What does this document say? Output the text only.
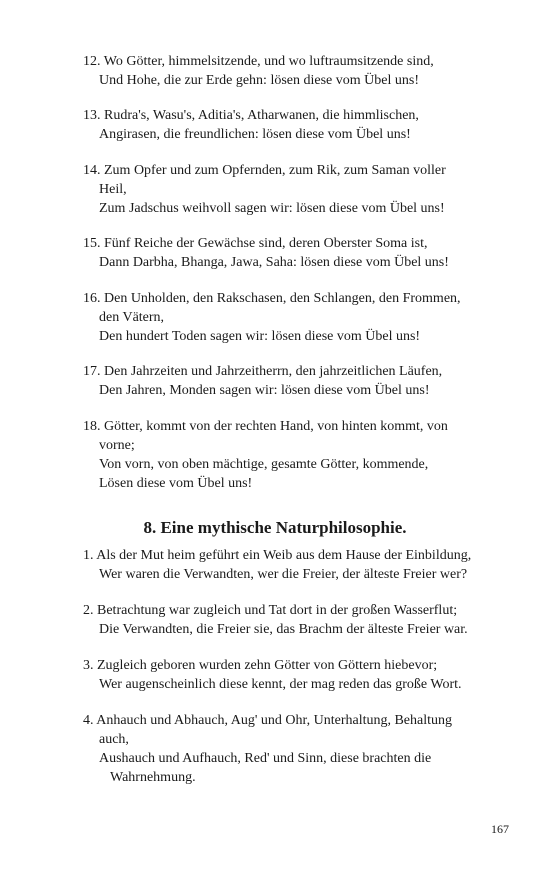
12. Wo Götter, himmelsitzende, und wo luftraumsitzende sind,
Und Hohe, die zur Erde gehn: lösen diese vom Übel uns!
13. Rudra's, Wasu's, Aditia's, Atharwanen, die himmlischen,
Angirasen, die freundlichen: lösen diese vom Übel uns!
14. Zum Opfer und zum Opfernden, zum Rik, zum Saman voller
Heil,
Zum Jadschus weihvoll sagen wir: lösen diese vom Übel uns!
15. Fünf Reiche der Gewächse sind, deren Oberster Soma ist,
Dann Darbha, Bhanga, Jawa, Saha: lösen diese vom Übel uns!
16. Den Unholden, den Rakschasen, den Schlangen, den Frommen,
den Vätern,
Den hundert Toden sagen wir: lösen diese vom Übel uns!
17. Den Jahrzeiten und Jahrzeitherrn, den jahrzeitlichen Läufen,
Den Jahren, Monden sagen wir: lösen diese vom Übel uns!
18. Götter, kommt von der rechten Hand, von hinten kommt, von
vorne;
Von vorn, von oben mächtige, gesamte Götter, kommende,
Lösen diese vom Übel uns!
8. Eine mythische Naturphilosophie.
1. Als der Mut heim geführt ein Weib aus dem Hause der Einbildung,
Wer waren die Verwandten, wer die Freier, der älteste Freier wer?
2. Betrachtung war zugleich und Tat dort in der großen Wasserflut;
Die Verwandten, die Freier sie, das Brachm der älteste Freier war.
3. Zugleich geboren wurden zehn Götter von Göttern hiebevor;
Wer augenscheinlich diese kennt, der mag reden das große Wort.
4. Anhauch und Abhauch, Aug' und Ohr, Unterhaltung, Behaltung
auch,
Aushauch und Aufhauch, Red' und Sinn, diese brachten die
Wahrnehmung.
167
